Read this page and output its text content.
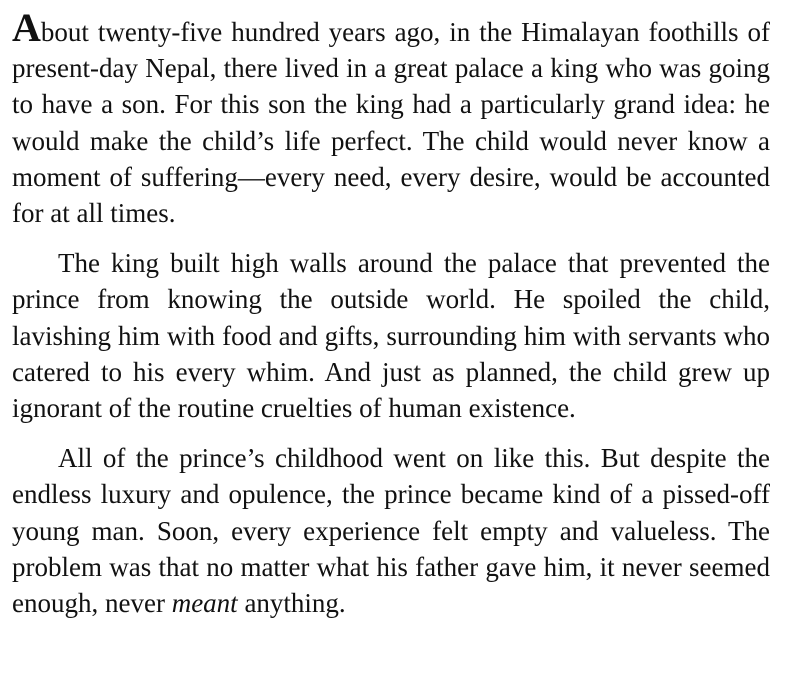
About twenty-five hundred years ago, in the Himalayan foothills of present-day Nepal, there lived in a great palace a king who was going to have a son. For this son the king had a particularly grand idea: he would make the child’s life perfect. The child would never know a moment of suffering—every need, every desire, would be accounted for at all times.

The king built high walls around the palace that prevented the prince from knowing the outside world. He spoiled the child, lavishing him with food and gifts, surrounding him with servants who catered to his every whim. And just as planned, the child grew up ignorant of the routine cruelties of human existence.

All of the prince’s childhood went on like this. But despite the endless luxury and opulence, the prince became kind of a pissed-off young man. Soon, every experience felt empty and valueless. The problem was that no matter what his father gave him, it never seemed enough, never meant anything.
